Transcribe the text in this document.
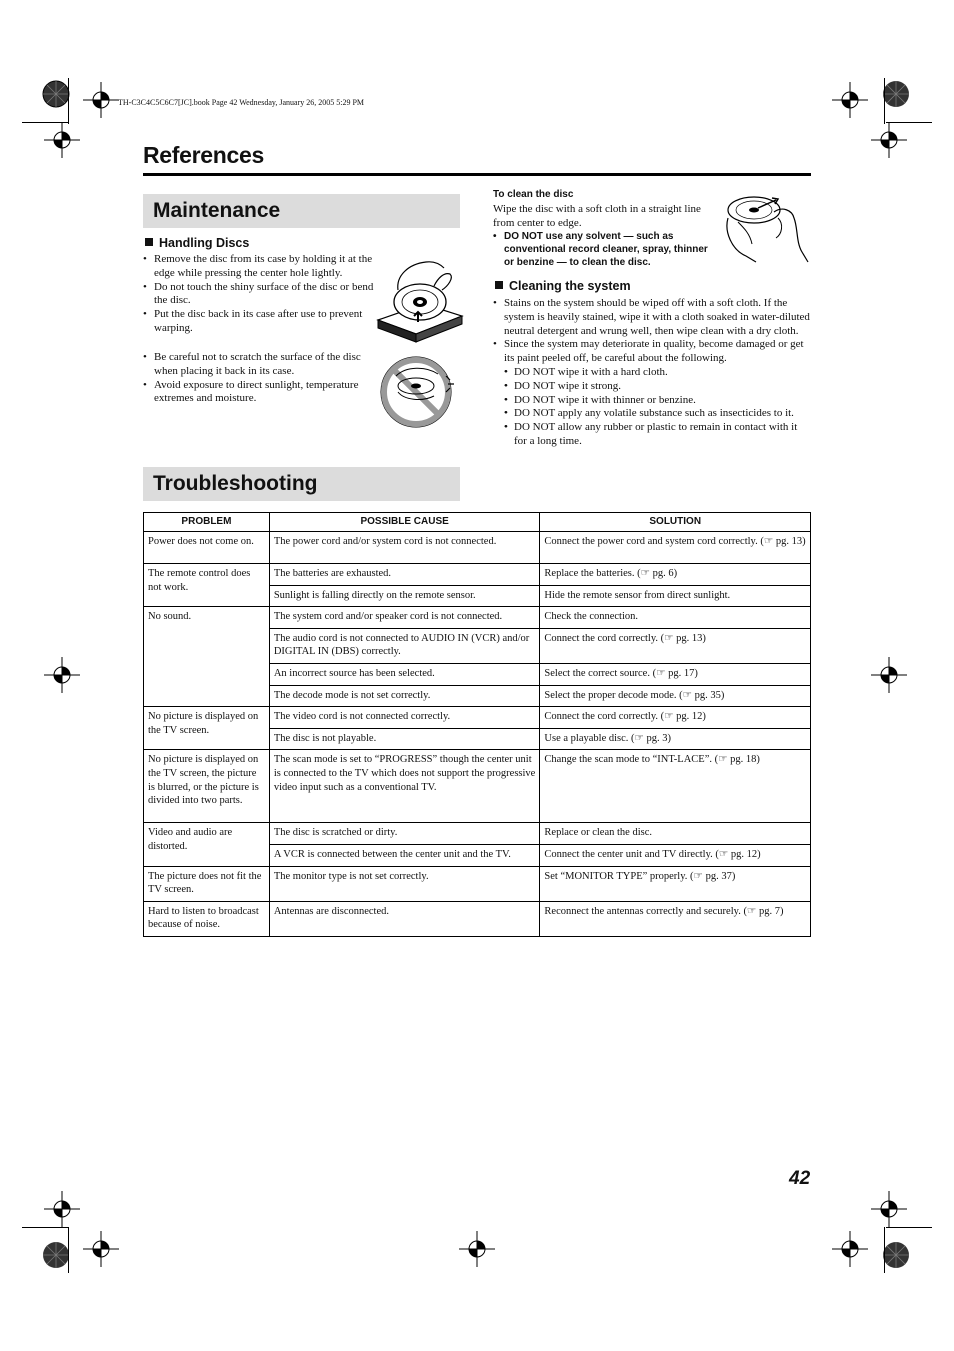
TH-C3C4C5C6C7[JC].book Page 42 Wednesday, January 26, 2005 5:29 PM
References
Maintenance
Handling Discs
• Remove the disc from its case by holding it at the edge while pressing the center hole lightly.
• Do not touch the shiny surface of the disc or bend the disc.
• Put the disc back in its case after use to prevent warping.
• Be careful not to scratch the surface of the disc when placing it back in its case.
• Avoid exposure to direct sunlight, temperature extremes and moisture.
To clean the disc
Wipe the disc with a soft cloth in a straight line from center to edge.
• DO NOT use any solvent — such as conventional record cleaner, spray, thinner or benzine — to clean the disc.
Cleaning the system
• Stains on the system should be wiped off with a soft cloth. If the system is heavily stained, wipe it with a cloth soaked in water-diluted neutral detergent and wrung well, then wipe clean with a dry cloth.
• Since the system may deteriorate in quality, become damaged or get its paint peeled off, be careful about the following.
• • DO NOT wipe it with a hard cloth.
• • DO NOT wipe it strong.
• • DO NOT wipe it with thinner or benzine.
• • DO NOT apply any volatile substance such as insecticides to it.
• • DO NOT allow any rubber or plastic to remain in contact with it for a long time.
Troubleshooting
PROBLEM	POSSIBLE CAUSE	SOLUTION
Power does not come on.	The power cord and/or system cord is not connected.	Connect the power cord and system cord correctly. (☞ pg. 13)
The remote control does not work.	The batteries are exhausted.	Replace the batteries. (☞ pg. 6)
	Sunlight is falling directly on the remote sensor.	Hide the remote sensor from direct sunlight.
No sound.	The system cord and/or speaker cord is not connected.	Check the connection.
	The audio cord is not connected to AUDIO IN (VCR) and/or DIGITAL IN (DBS) correctly.	Connect the cord correctly. (☞ pg. 13)
	An incorrect source has been selected.	Select the correct source. (☞ pg. 17)
	The decode mode is not set correctly.	Select the proper decode mode. (☞ pg. 35)
No picture is displayed on the TV screen.	The video cord is not connected correctly.	Connect the cord correctly. (☞ pg. 12)
	The disc is not playable.	Use a playable disc. (☞ pg. 3)
No picture is displayed on the TV screen, the picture is blurred, or the picture is divided into two parts.	The scan mode is set to “PROGRESS” though the center unit is connected to the TV which does not support the progressive video input such as a conventional TV.	Change the scan mode to “INT-LACE”. (☞ pg. 18)
Video and audio are distorted.	The disc is scratched or dirty.	Replace or clean the disc.
	A VCR is connected between the center unit and the TV.	Connect the center unit and TV directly. (☞ pg. 12)
The picture does not fit the TV screen.	The monitor type is not set correctly.	Set “MONITOR TYPE” properly. (☞ pg. 37)
Hard to listen to broadcast because of noise.	Antennas are disconnected.	Reconnect the antennas correctly and securely. (☞ pg. 7)
42
